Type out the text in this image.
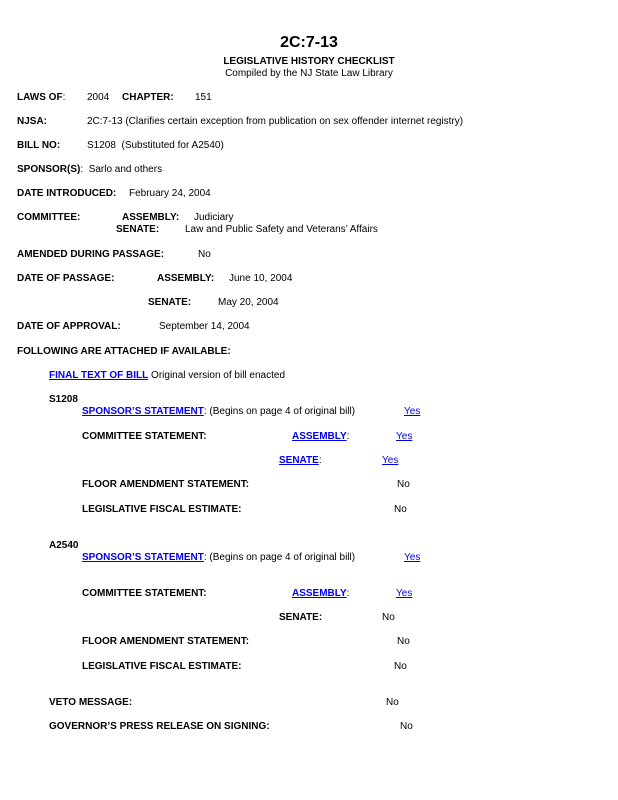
2C:7-13
LEGISLATIVE HISTORY CHECKLIST
Compiled by the NJ State Law Library
LAWS OF: 2004 CHAPTER: 151
NJSA:	2C:7-13 (Clarifies certain exception from publication on sex offender internet registry)
BILL NO:	S1208 (Substituted for A2540)
SPONSOR(S):  Sarlo and others
DATE INTRODUCED: February 24, 2004
COMMITTEE:	ASSEMBLY: Judiciary
SENATE:	Law and Public Safety and Veterans’ Affairs
AMENDED DURING PASSAGE:	No
DATE OF PASSAGE:	ASSEMBLY: June 10, 2004
SENATE:	May 20, 2004
DATE OF APPROVAL:	September 14, 2004
FOLLOWING ARE ATTACHED IF AVAILABLE:
FINAL TEXT OF BILL Original version of bill enacted
S1208
SPONSOR’S STATEMENT: (Begins on page 4 of original bill)	Yes
COMMITTEE STATEMENT:	ASSEMBLY:	Yes
SENATE:	Yes
FLOOR AMENDMENT STATEMENT:	No
LEGISLATIVE FISCAL ESTIMATE:	No
A2540
SPONSOR’S STATEMENT: (Begins on page 4 of original bill)	Yes
COMMITTEE STATEMENT:	ASSEMBLY:	Yes
SENATE:	No
FLOOR AMENDMENT STATEMENT:	No
LEGISLATIVE FISCAL ESTIMATE:	No
VETO MESSAGE:	No
GOVERNOR’S PRESS RELEASE ON SIGNING:	No
